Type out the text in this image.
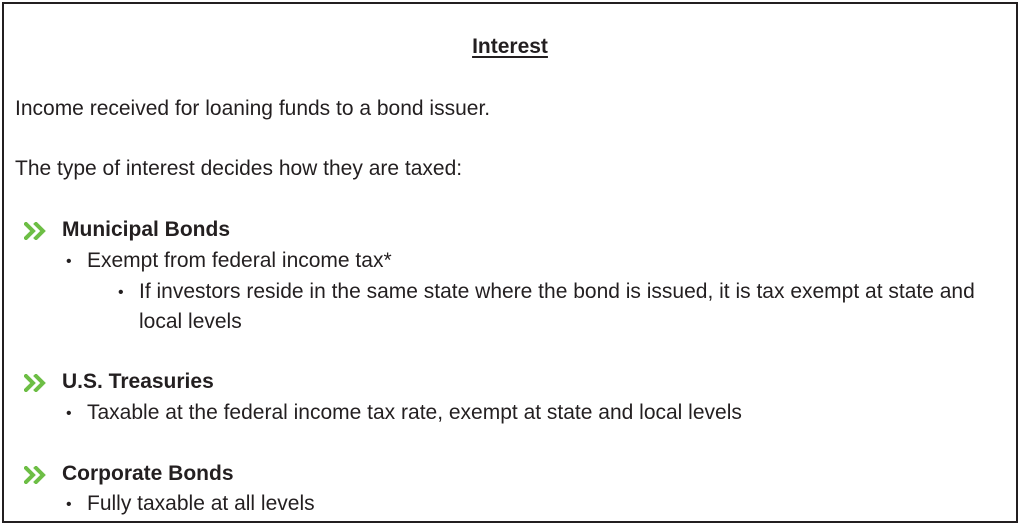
Interest
Income received for loaning funds to a bond issuer.
The type of interest decides how they are taxed:
Municipal Bonds
• Exempt from federal income tax*
• If investors reside in the same state where the bond is issued, it is tax exempt at state and
local levels
U.S. Treasuries
• Taxable at the federal income tax rate, exempt at state and local levels
Corporate Bonds
• Fully taxable at all levels
